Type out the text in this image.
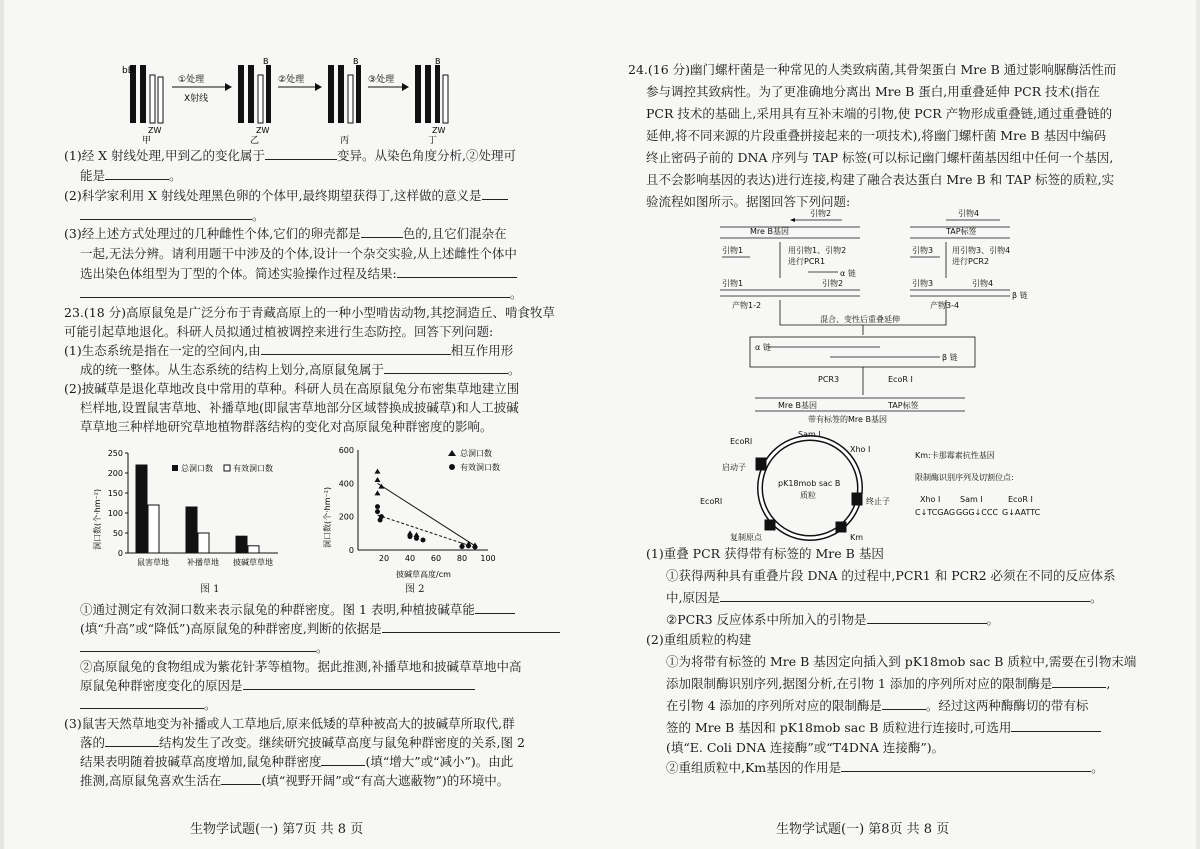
bB
ZW
甲
①处理
X射线
B
ZW
乙
②处理
B
丙
③处理
B
ZW
丁
(1)经 X 射线处理,甲到乙的变化属于	变异。从染色角度分析,②处理可
能是	。
(2)科学家利用 X 射线处理黑色卵的个体甲,最终期望获得丁,这样做的意义是
。
(3)经上述方式处理过的几种雌性个体,它们的卵壳都是	色的,且它们混杂在
一起,无法分辨。请利用题干中涉及的个体,设计一个杂交实验,从上述雌性个体中
选出染色体组型为丁型的个体。简述实验操作过程及结果:
。
23.(18 分)高原鼠兔是广泛分布于青藏高原上的一种小型啃齿动物,其挖洞造丘、啃食牧草
可能引起草地退化。科研人员拟通过植被调控来进行生态防控。回答下列问题:
(1)生态系统是指在一定的空间内,由	相互作用形
成的统一整体。从生态系统的结构上划分,高原鼠兔属于	。
(2)披碱草是退化草地改良中常用的草种。科研人员在高原鼠兔分布密集草地建立围
栏样地,设置鼠害草地、补播草地(即鼠害草地部分区域替换成披碱草)和人工披碱
草草地三种样地研究草地植物群落结构的变化对高原鼠兔种群密度的影响。
洞口数(个·hm⁻²)
0
50
100
150
200
250
鼠害草地 补播草地 披碱草草地
总洞口数	有效洞口数
图 1
洞口数(个·hm⁻²)
0
200
400
600
20 40 60 80 100
总洞口数
有效洞口数
披碱草高度/cm
图 2
①通过测定有效洞口数来表示鼠兔的种群密度。图 1 表明,种植披碱草能
(填“升高”或“降低”)高原鼠兔的种群密度,判断的依据是
。
②高原鼠兔的食物组成为紫花针茅等植物。据此推测,补播草地和披碱草草地中高
原鼠兔种群密度变化的原因是
。
(3)鼠害天然草地变为补播或人工草地后,原来低矮的草种被高大的披碱草所取代,群
落的	结构发生了改变。继续研究披碱草高度与鼠兔种群密度的关系,图 2
结果表明随着披碱草高度增加,鼠兔种群密度	(填“增大”或“减小”)。由此
推测,高原鼠兔喜欢生活在	(填“视野开阔”或“有高大遮蔽物”)的环境中。
生物学试题(一) 第7页 共 8 页
24.(16 分)幽门螺杆菌是一种常见的人类致病菌,其骨架蛋白 Mre B 通过影响脲酶活性而
参与调控其致病性。为了更准确地分离出 Mre B 蛋白,用重叠延伸 PCR 技术(指在
PCR 技术的基础上,采用具有互补末端的引物,使 PCR 产物形成重叠链,通过重叠链的
延伸,将不同来源的片段重叠拼接起来的一项技术),将幽门螺杆菌 Mre B 基因中编码
终止密码子前的 DNA 序列与 TAP 标签(可以标记幽门螺杆菌基因组中任何一个基因,
且不会影响基因的表达)进行连接,构建了融合表达蛋白 Mre B 和 TAP 标签的质粒,实
验流程如图所示。据图回答下列问题:
引物2
Mre B基因
引物1	用引物1、引物2
进行PCR1
α 链
引物1	引物2
产物1-2
引物4
TAP标签
引物3 用引物3、引物4
进行PCR2
引物3	引物4
β 链
产物3-4
混合、变性后重叠延伸
α 链
β 链
PCR3	EcoR Ⅰ
Mre B基因	TAP标签
带有标签的Mre B基因
pK18mob sac B
质粒
EcoRⅠ
Sam Ⅰ
Xho Ⅰ
启动子
EcoRⅠ	终止子
复制原点	Km
Km:卡那霉素抗性基因
限制酶识别序列及切割位点:
Xho Ⅰ Sam Ⅰ	EcoR Ⅰ
C↓TCGAG GGG↓CCC G↓AATTC
(1)重叠 PCR 获得带有标签的 Mre B 基因
①获得两种具有重叠片段 DNA 的过程中,PCR1 和 PCR2 必须在不同的反应体系
中,原因是	。
②PCR3 反应体系中所加入的引物是	。
(2)重组质粒的构建
①为将带有标签的 Mre B 基因定向插入到 pK18mob sac B 质粒中,需要在引物末端
添加限制酶识别序列,据图分析,在引物 1 添加的序列所对应的限制酶是	,
在引物 4 添加的序列所对应的限制酶是	。经过这两种酶酶切的带有标
签的 Mre B 基因和 pK18mob sac B 质粒进行连接时,可选用
(填“E. Coli DNA 连接酶”或“T4DNA 连接酶”)。
②重组质粒中,Km基因的作用是	。
生物学试题(一) 第8页 共 8 页
